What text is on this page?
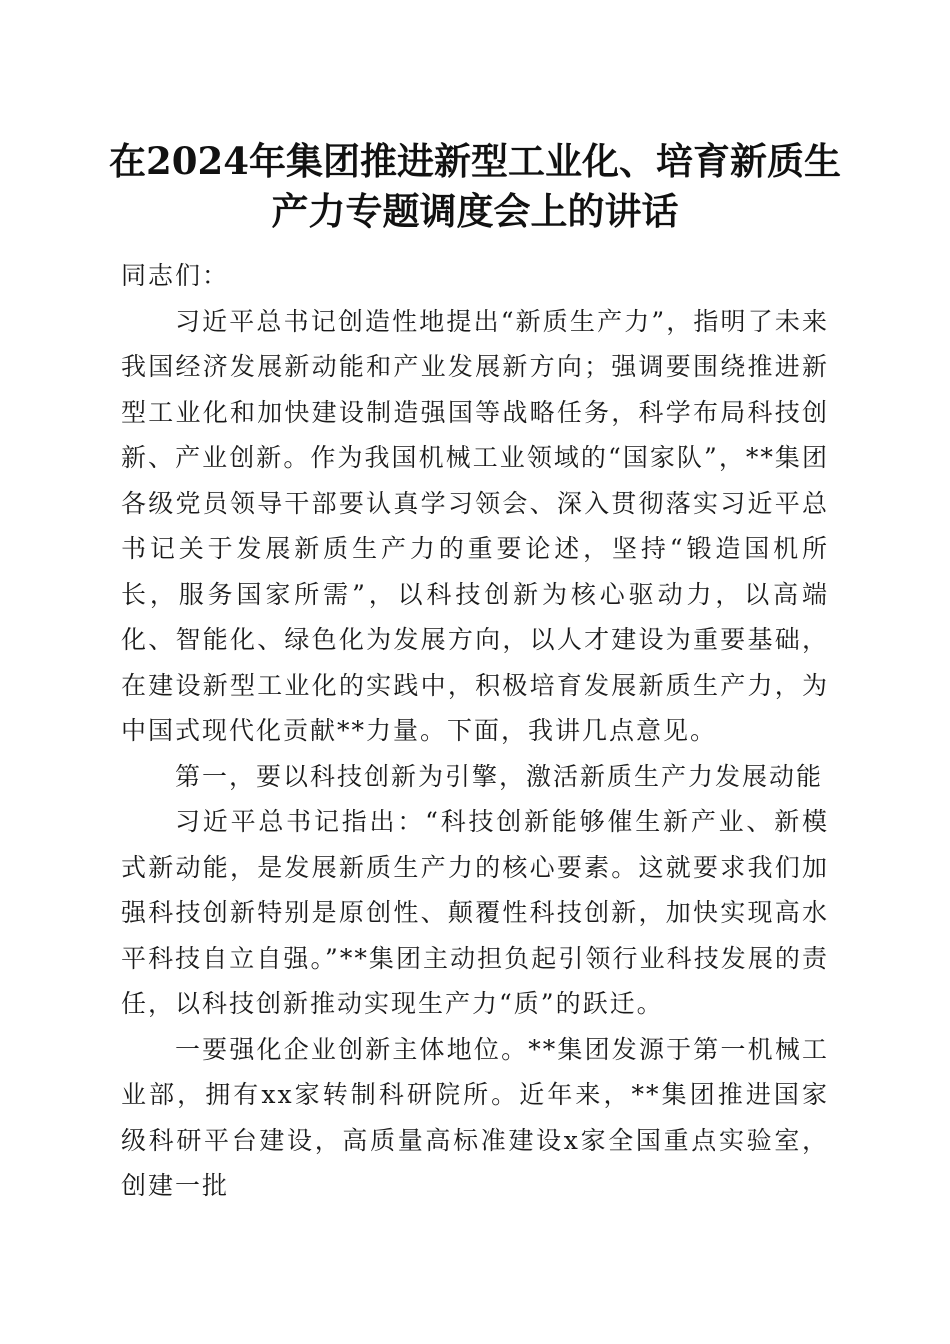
在2024年集团推进新型工业化、培育新质生
产力专题调度会上的讲话

同志们：

习近平总书记创造性地提出“新质生产力”，指明了未来我国经济发展新动能和产业发展新方向；强调要围绕推进新型工业化和加快建设制造强国等战略任务，科学布局科技创新、产业创新。作为我国机械工业领域的“国家队”，**集团各级党员领导干部要认真学习领会、深入贯彻落实习近平总书记关于发展新质生产力的重要论述，坚持“锻造国机所长，服务国家所需”，以科技创新为核心驱动力，以高端化、智能化、绿色化为发展方向，以人才建设为重要基础，在建设新型工业化的实践中，积极培育发展新质生产力，为中国式现代化贡献**力量。下面，我讲几点意见。

第一，要以科技创新为引擎，激活新质生产力发展动能

习近平总书记指出：“科技创新能够催生新产业、新模式新动能，是发展新质生产力的核心要素。这就要求我们加强科技创新特别是原创性、颠覆性科技创新，加快实现高水平科技自立自强。”**集团主动担负起引领行业科技发展的责任，以科技创新推动实现生产力“质”的跃迁。

一要强化企业创新主体地位。**集团发源于第一机械工业部，拥有xx家转制科研院所。近年来，**集团推进国家级科研平台建设，高质量高标准建设x家全国重点实验室，创建一批
